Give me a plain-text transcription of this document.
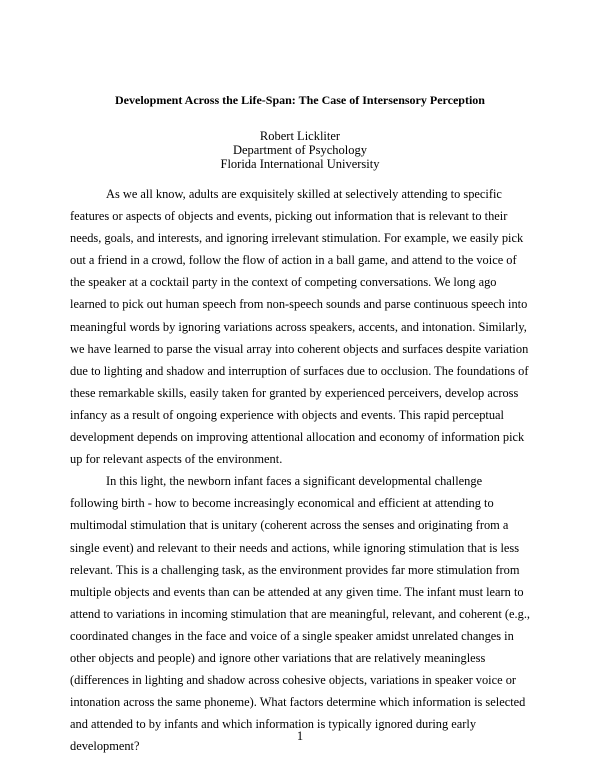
Development Across the Life-Span: The Case of Intersensory Perception
Robert Lickliter
Department of Psychology
Florida International University

As we all know, adults are exquisitely skilled at selectively attending to specific features or aspects of objects and events, picking out information that is relevant to their needs, goals, and interests, and ignoring irrelevant stimulation. For example, we easily pick out a friend in a crowd, follow the flow of action in a ball game, and attend to the voice of the speaker at a cocktail party in the context of competing conversations. We long ago learned to pick out human speech from non-speech sounds and parse continuous speech into meaningful words by ignoring variations across speakers, accents, and intonation. Similarly, we have learned to parse the visual array into coherent objects and surfaces despite variation due to lighting and shadow and interruption of surfaces due to occlusion. The foundations of these remarkable skills, easily taken for granted by experienced perceivers, develop across infancy as a result of ongoing experience with objects and events. This rapid perceptual development depends on improving attentional allocation and economy of information pick up for relevant aspects of the environment.

In this light, the newborn infant faces a significant developmental challenge following birth - how to become increasingly economical and efficient at attending to multimodal stimulation that is unitary (coherent across the senses and originating from a single event) and relevant to their needs and actions, while ignoring stimulation that is less relevant. This is a challenging task, as the environment provides far more stimulation from multiple objects and events than can be attended at any given time. The infant must learn to attend to variations in incoming stimulation that are meaningful, relevant, and coherent (e.g., coordinated changes in the face and voice of a single speaker amidst unrelated changes in other objects and people) and ignore other variations that are relatively meaningless (differences in lighting and shadow across cohesive objects, variations in speaker voice or intonation across the same phoneme). What factors determine which information is selected and attended to by infants and which information is typically ignored during early development?

1
